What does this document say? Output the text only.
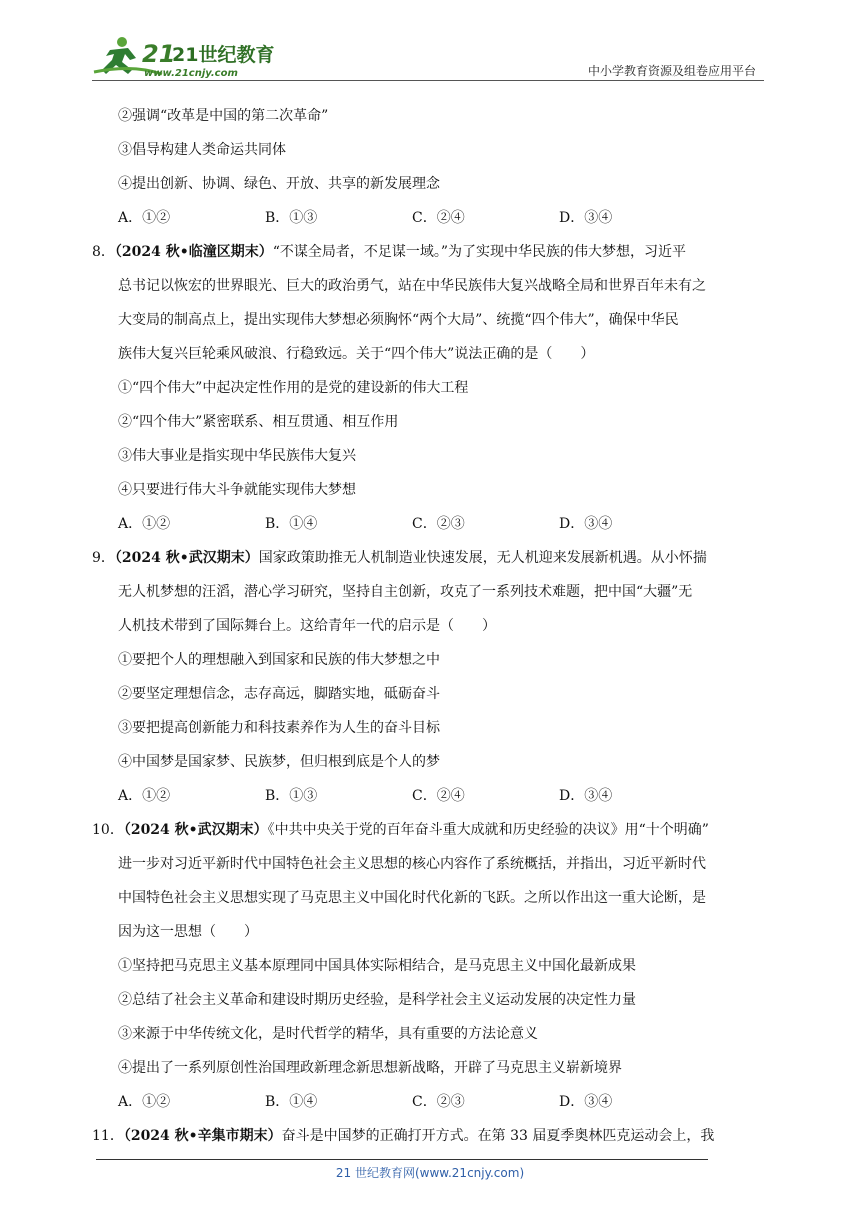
21
21世纪教育
www.21cnjy.com	中小学教育资源及组卷应用平台
②强调“改革是中国的第二次革命”
③倡导构建人类命运共同体
④提出创新、协调、绿色、开放、共享的新发展理念
A．①②	B．①③	C．②④	D．③④
8．（2024 秋•临潼区期末）“不谋全局者，不足谋一域。”为了实现中华民族的伟大梦想，习近平
总书记以恢宏的世界眼光、巨大的政治勇气，站在中华民族伟大复兴战略全局和世界百年未有之
大变局的制高点上，提出实现伟大梦想必须胸怀“两个大局”、统揽“四个伟大”，确保中华民
族伟大复兴巨轮乘风破浪、行稳致远。关于“四个伟大”说法正确的是（　　）
①“四个伟大”中起决定性作用的是党的建设新的伟大工程
②“四个伟大”紧密联系、相互贯通、相互作用
③伟大事业是指实现中华民族伟大复兴
④只要进行伟大斗争就能实现伟大梦想
A．①②	B．①④	C．②③	D．③④
9．（2024 秋•武汉期末）国家政策助推无人机制造业快速发展，无人机迎来发展新机遇。从小怀揣
无人机梦想的汪滔，潜心学习研究，坚持自主创新，攻克了一系列技术难题，把中国“大疆”无
人机技术带到了国际舞台上。这给青年一代的启示是（　　）
①要把个人的理想融入到国家和民族的伟大梦想之中
②要坚定理想信念，志存高远，脚踏实地，砥砺奋斗
③要把提高创新能力和科技素养作为人生的奋斗目标
④中国梦是国家梦、民族梦，但归根到底是个人的梦
A．①②	B．①③	C．②④	D．③④
10．（2024 秋•武汉期末）《中共中央关于党的百年奋斗重大成就和历史经验的决议》用“十个明确”
进一步对习近平新时代中国特色社会主义思想的核心内容作了系统概括，并指出，习近平新时代
中国特色社会主义思想实现了马克思主义中国化时代化新的飞跃。之所以作出这一重大论断，是
因为这一思想（　　）
①坚持把马克思主义基本原理同中国具体实际相结合，是马克思主义中国化最新成果
②总结了社会主义革命和建设时期历史经验，是科学社会主义运动发展的决定性力量
③来源于中华传统文化，是时代哲学的精华，具有重要的方法论意义
④提出了一系列原创性治国理政新理念新思想新战略，开辟了马克思主义崭新境界
A．①②	B．①④	C．②③	D．③④
11．（2024 秋•辛集市期末）奋斗是中国梦的正确打开方式。在第 33 届夏季奥林匹克运动会上，我
21 世纪教育网(www.21cnjy.com)
